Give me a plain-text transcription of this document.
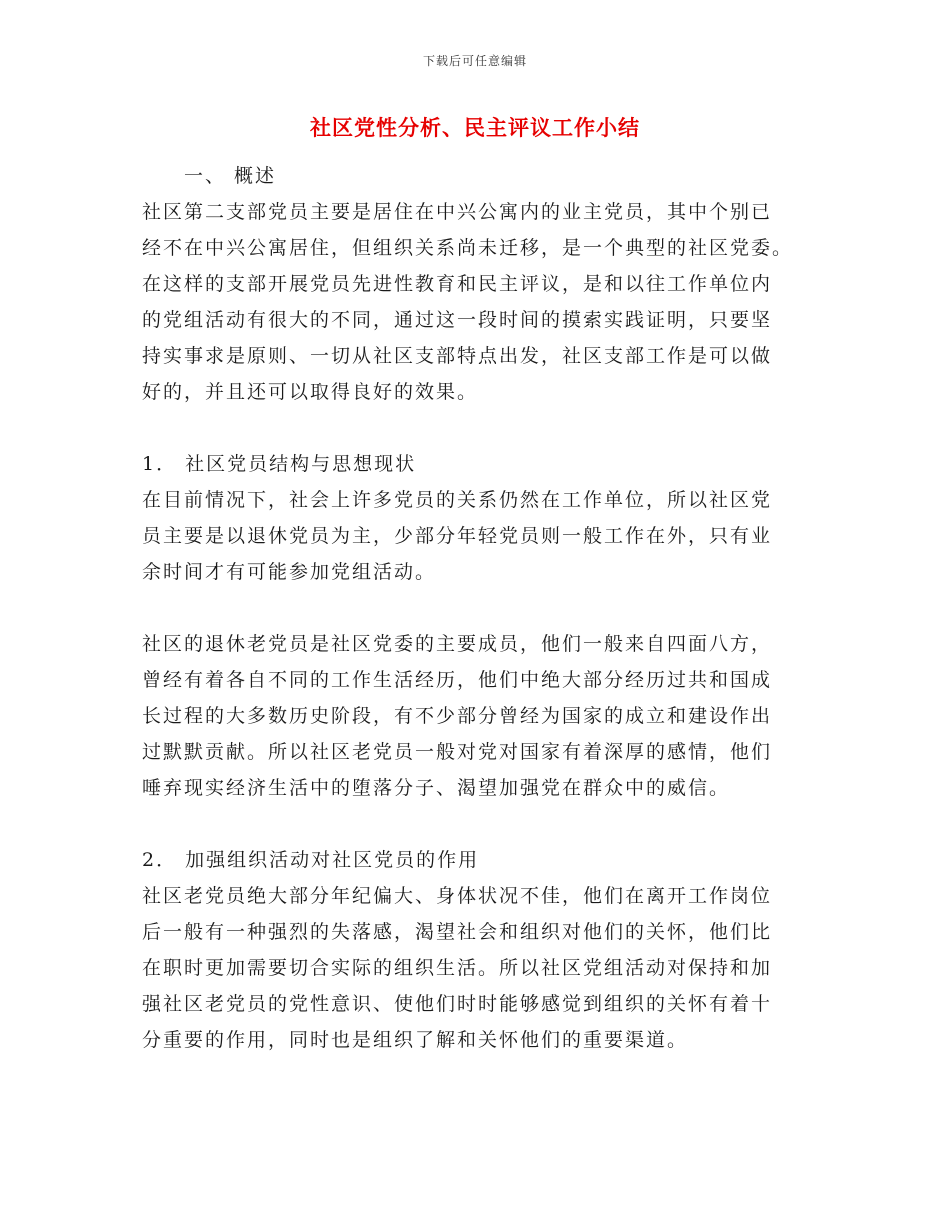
下载后可任意编辑
社区党性分析、民主评议工作小结

一、 概述

社区第二支部党员主要是居住在中兴公寓内的业主党员，其中个别已

经不在中兴公寓居住，但组织关系尚未迁移，是一个典型的社区党委。

在这样的支部开展党员先进性教育和民主评议，是和以往工作单位内

的党组活动有很大的不同，通过这一段时间的摸索实践证明，只要坚

持实事求是原则、一切从社区支部特点出发，社区支部工作是可以做

好的，并且还可以取得良好的效果。

1． 社区党员结构与思想现状

在目前情况下，社会上许多党员的关系仍然在工作单位，所以社区党

员主要是以退休党员为主，少部分年轻党员则一般工作在外，只有业

余时间才有可能参加党组活动。

社区的退休老党员是社区党委的主要成员，他们一般来自四面八方，

曾经有着各自不同的工作生活经历，他们中绝大部分经历过共和国成

长过程的大多数历史阶段，有不少部分曾经为国家的成立和建设作出

过默默贡献。所以社区老党员一般对党对国家有着深厚的感情，他们

唾弃现实经济生活中的堕落分子、渴望加强党在群众中的威信。

2． 加强组织活动对社区党员的作用

社区老党员绝大部分年纪偏大、身体状况不佳，他们在离开工作岗位

后一般有一种强烈的失落感，渴望社会和组织对他们的关怀，他们比

在职时更加需要切合实际的组织生活。所以社区党组活动对保持和加

强社区老党员的党性意识、使他们时时能够感觉到组织的关怀有着十

分重要的作用，同时也是组织了解和关怀他们的重要渠道。
